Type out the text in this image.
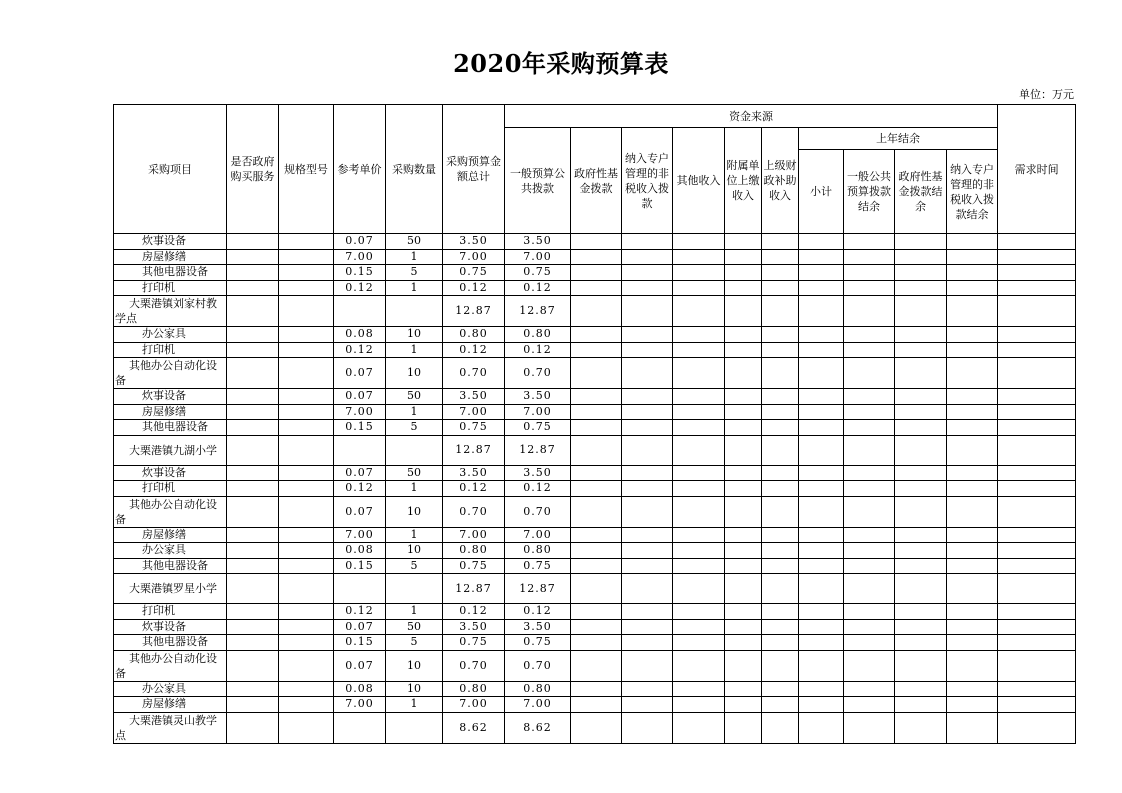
2020年采购预算表
单位：万元
采购项目	是否政府购买服务	规格型号	参考单价	采购数量	采购预算金额总计	资金来源										需求时间
						一般预算公共拨款	政府性基金拨款	纳入专户管理的非税收入拨款	其他收入	附属单位上缴收入	上级财政补助收入	上年结余				
												小计	一般公共预算拨款结余	政府性基金拨款结余	纳入专户管理的非税收入拨款结余	

炊事设备			0.07	50	3.50	3.50										
房屋修缮			7.00	1	7.00	7.00										
其他电器设备			0.15	5	0.75	0.75										
打印机			0.12	1	0.12	0.12										
大栗港镇刘家村教学点					12.87	12.87										
办公家具			0.08	10	0.80	0.80										
打印机			0.12	1	0.12	0.12										
其他办公自动化设备			0.07	10	0.70	0.70										
炊事设备			0.07	50	3.50	3.50										
房屋修缮			7.00	1	7.00	7.00										
其他电器设备			0.15	5	0.75	0.75										
大栗港镇九湖小学					12.87	12.87										
炊事设备			0.07	50	3.50	3.50										
打印机			0.12	1	0.12	0.12										
其他办公自动化设备			0.07	10	0.70	0.70										
房屋修缮			7.00	1	7.00	7.00										
办公家具			0.08	10	0.80	0.80										
其他电器设备			0.15	5	0.75	0.75										
大栗港镇罗星小学					12.87	12.87										
打印机			0.12	1	0.12	0.12										
炊事设备			0.07	50	3.50	3.50										
其他电器设备			0.15	5	0.75	0.75										
其他办公自动化设备			0.07	10	0.70	0.70										
办公家具			0.08	10	0.80	0.80										
房屋修缮			7.00	1	7.00	7.00										
大栗港镇灵山教学点					8.62	8.62										
